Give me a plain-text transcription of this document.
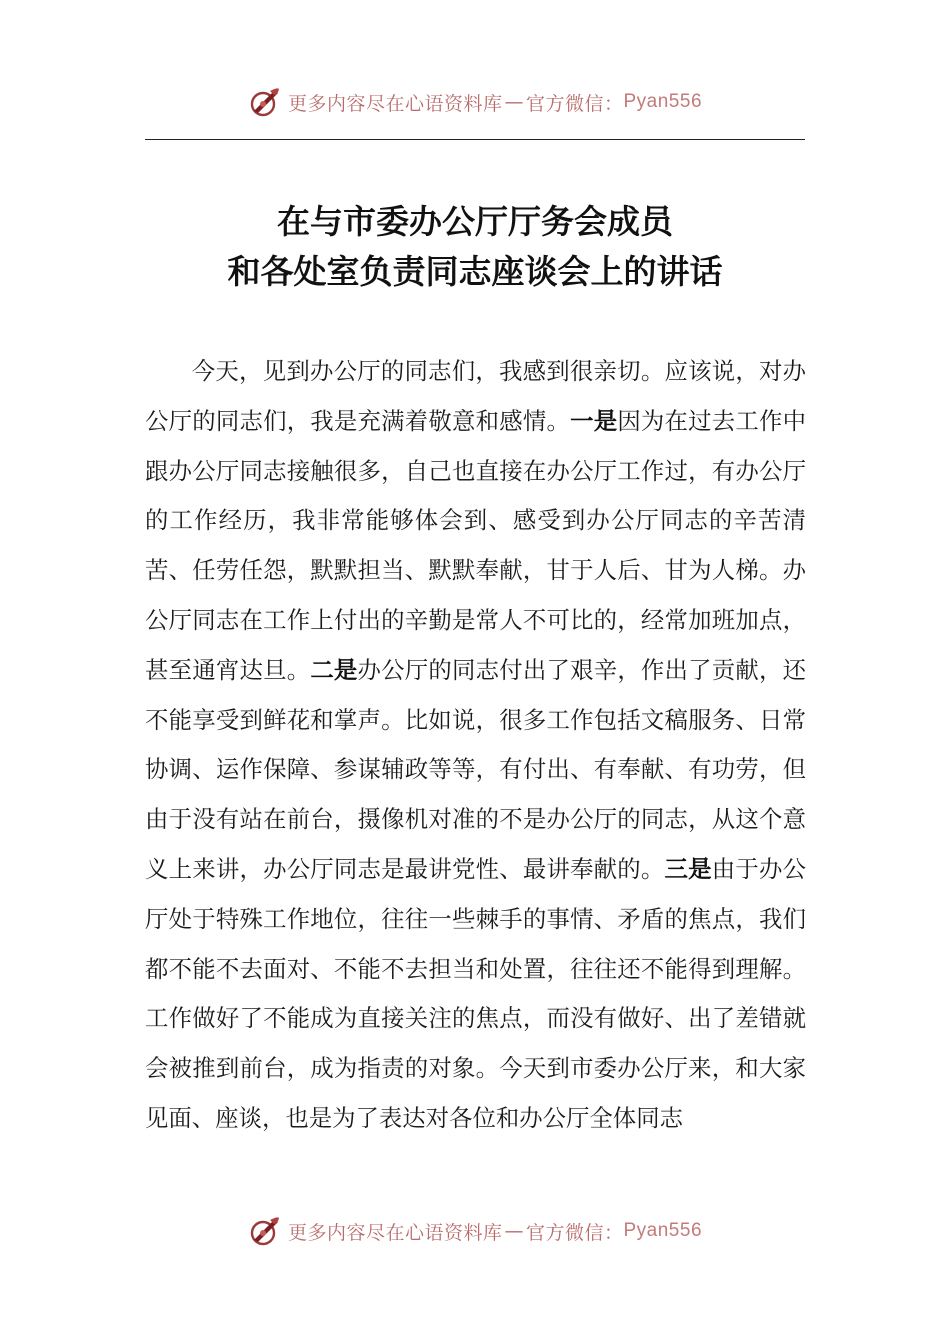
更多内容尽在心语资料库 — 官方微信： Pyan556
在与市委办公厅厅务会成员
和各处室负责同志座谈会上的讲话

今天，见到办公厅的同志们，我感到很亲切。应该说，对办公厅的同志们，我是充满着敬意和感情。一是因为在过去工作中跟办公厅同志接触很多，自己也直接在办公厅工作过，有办公厅的工作经历，我非常能够体会到、感受到办公厅同志的辛苦清苦、任劳任怨，默默担当、默默奉献，甘于人后、甘为人梯。办公厅同志在工作上付出的辛勤是常人不可比的，经常加班加点，甚至通宵达旦。二是办公厅的同志付出了艰辛，作出了贡献，还不能享受到鲜花和掌声。比如说，很多工作包括文稿服务、日常协调、运作保障、参谋辅政等等，有付出、有奉献、有功劳，但由于没有站在前台，摄像机对准的不是办公厅的同志，从这个意义上来讲，办公厅同志是最讲党性、最讲奉献的。三是由于办公厅处于特殊工作地位，往往一些棘手的事情、矛盾的焦点，我们都不能不去面对、不能不去担当和处置，往往还不能得到理解。工作做好了不能成为直接关注的焦点，而没有做好、出了差错就会被推到前台，成为指责的对象。今天到市委办公厅来，和大家见面、座谈，也是为了表达对各位和办公厅全体同志

更多内容尽在心语资料库 — 官方微信： Pyan556
